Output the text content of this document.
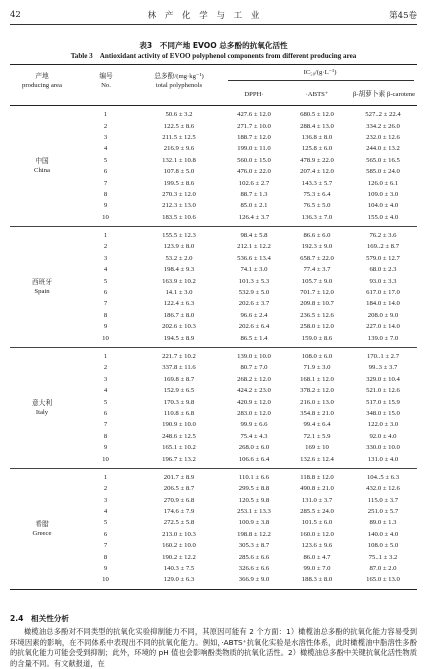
42	林 产 化 学 与 工 业	第45卷
表3　不同产地 EVOO 总多酚的抗氧化活性
Table 3　Antioxidant activity of EVOO polyphenol components from different producing area
产地
producing area
编号
No.
总多酚/(mg·kg⁻¹)
total polyphenols
IC₅₀/(g·L⁻¹)
DPPH·	·ABTS⁺	β-胡萝卜素 β-carotene
中国
China
1	50.6 ± 3.2	427.6 ± 12.0	680.5 ± 12.0	527..2 ± 22.4
2	122.5 ± 8.6	271.7 ± 10.0	288.4 ± 13.0	334.2 ± 26.0
3	211.5 ± 12.5	188.7 ± 12.0	136.8 ± 8.0	232.0 ± 12.6
4	216.9 ± 9.6	199.0 ± 11.0	125.8 ± 6.0	244.0 ± 13.2
5	132.1 ± 10.8	560.0 ± 15.0	478.9 ± 22.0	565.0 ± 16.5
6	107.8 ± 5.0	476.0 ± 22.0	207.4 ± 12.0	585.0 ± 24.0
7	199.5 ± 8.6	102.6 ± 2.7	143.3 ± 5.7	126.0 ± 6.1
8	270.3 ± 12.0	88.7 ± 1.3	75.3 ± 6.4	109.0 ± 3.0
9	212.3 ± 13.0	85.0 ± 2.1	76.5 ± 5.0	104.0 ± 4.0
10	183.5 ± 10.6	126.4 ± 3.7	136.3 ± 7.0	155.0 ± 4.0
西班牙
Spain
1	155.5 ± 12.3	98.4 ± 5.8	86.6 ± 6.0	76.2 ± 3.6
2	123.9 ± 8.0	212.1 ± 12.2	192.3 ± 9.0	169..2 ± 8.7
3	53.2 ± 2.0	536.6 ± 13.4	658.7 ± 22.0	579.0 ± 12.7
4	198.4 ± 9.3	74.1 ± 3.0	77.4 ± 3.7	68.0 ± 2.3
5	163.9 ± 10.2	101.3 ± 5.3	105.7 ± 9.0	93.0 ± 3.3
6	14.1 ± 3.0	532.9 ± 5.0	701.7 ± 12.0	617.0 ± 17.0
7	122.4 ± 6.3	202.6 ± 3.7	209.8 ± 10.7	184.0 ± 14.0
8	186.7 ± 8.0	96.6 ± 2.4	236.5 ± 12.6	208.0 ± 9.0
9	202.6 ± 10.3	202.6 ± 6.4	258.0 ± 12.0	227.0 ± 14.0
10	194.5 ± 8.9	86.5 ± 1.4	159.0 ± 8.6	139.0 ± 7.0
意大利
Italy
1	221.7 ± 10.2	139.0 ± 10.0	108.0 ± 6.0	170..1 ± 2.7
2	337.8 ± 11.6	80.7 ± 7.0	71.9 ± 3.0	99..3 ± 3.7
3	169.8 ± 8.7	268.2 ± 12.0	168.1 ± 12.0	329.0 ± 10.4
4	152.9 ± 6.5	424.2 ± 23.0	378.2 ± 12.0	521.0 ± 12.6
5	170.3 ± 9.8	420.9 ± 12.0	216.0 ± 13.0	517.0 ± 15.9
6	110.8 ± 6.8	283.0 ± 12.0	354.8 ± 21.0	348.0 ± 15.0
7	190.9 ± 10.0	99.9 ± 6.6	99.4 ± 6.4	122.0 ± 3.0
8	248.6 ± 12.5	75.4 ± 4.3	72.1 ± 5.9	92.0 ± 4.0
9	165.1 ± 10.2	268.0 ± 6.0	169 ± 10	330.0 ± 10.0
10	196.7 ± 13.2	106.6 ± 6.4	132.6 ± 12.4	131.0 ± 4.0
希腊
Greece
1	201.7 ± 8.9	110.1 ± 6.6	118.8 ± 12.0	104..5 ± 6.3
2	206.5 ± 8.7	299.5 ± 8.8	490.8 ± 21.0	432.0 ± 12.6
3	270.9 ± 6.8	120.5 ± 9.8	131.0 ± 3.7	115.0 ± 3.7
4	174.6 ± 7.9	253.1 ± 13.3	285.5 ± 24.0	251.0 ± 5.7
5	272.5 ± 5.8	100.9 ± 3.8	101.5 ± 6.0	89.0 ± 1.3
6	213.0 ± 10.3	198.8 ± 12.2	160.0 ± 12.0	140.0 ± 4.0
7	160.2 ± 10.0	305.3 ± 8.7	123.6 ± 9.6	108.0 ± 5.0
8	190.2 ± 12.2	285.6 ± 6.6	86.0 ± 4.7	75..1 ± 3.2
9	140.3 ± 7.5	326.6 ± 6.6	99.0 ± 7.0	87.0 ± 2.0
10	129.0 ± 6.3	366.9 ± 9.0	188.3 ± 8.0	165.0 ± 13.0
2.4　相关性分析
橄榄油总多酚对不同类型的抗氧化实验抑制能力不同，其原因可能有 2 个方面：1）橄榄油总多酚的抗氧化能力容易受到环境因素的影响，在不同体系中表现出不同的抗氧化能力。例如，·ABTS⁺抗氧化实验是水溶性体系，此时橄榄油中脂溶性多酚的抗氧化能力可能会受到抑制；此外，环境的 pH 值也会影响酚类物质的抗氧化活性。2）橄榄油总多酚中关键抗氧化活性物质的含量不同。有文献报道，在
